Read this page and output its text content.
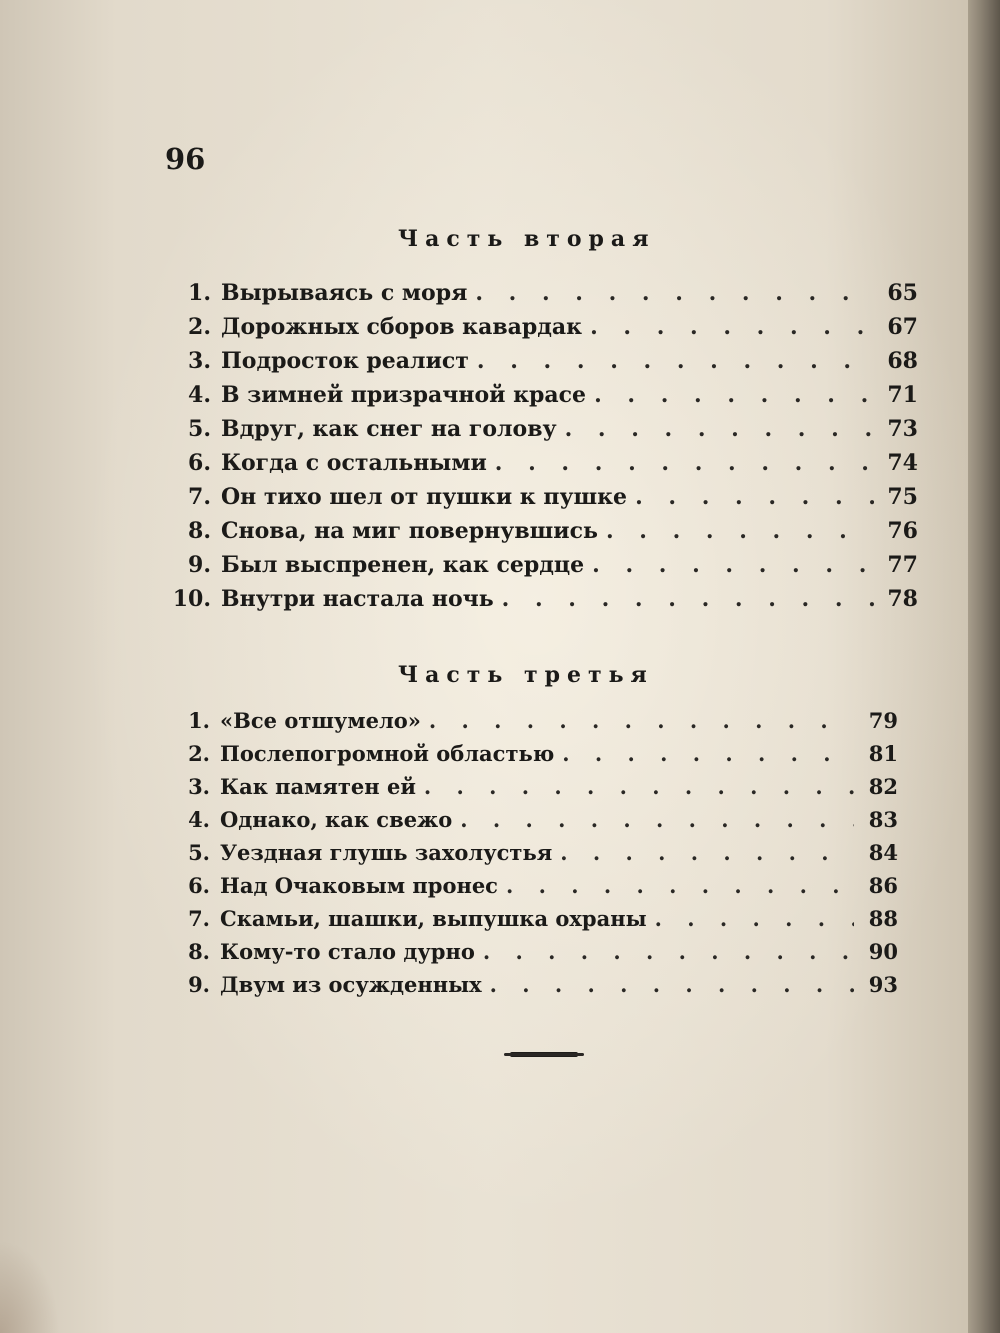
96
Часть вторая
1. Вырываясь с моря . . .	65
2. Дорожных сборов кавардак . . .	67
3. Подросток реалист . . .	68
4. В зимней призрачной красе . . .	71
5. Вдруг, как снег на голову . . .	73
6. Когда с остальными . . .	74
7. Он тихо шел от пушки к пушке . . .	75
8. Снова, на миг повернувшись . . .	76
9. Был выспренен, как сердце . . .	77
10. Внутри настала ночь . . .	78
Часть третья
1. «Все отшумело» . . .	79
2. Послепогромной областью . . .	81
3. Как памятен ей . . .	82
4. Однако, как свежо . . .	83
5. Уездная глушь захолустья . . .	84
6. Над Очаковым пронес . . .	86
7. Скамьи, шашки, выпушка охраны . . .	88
8. Кому-то стало дурно . . .	90
9. Двум из осужденных . . .	93
